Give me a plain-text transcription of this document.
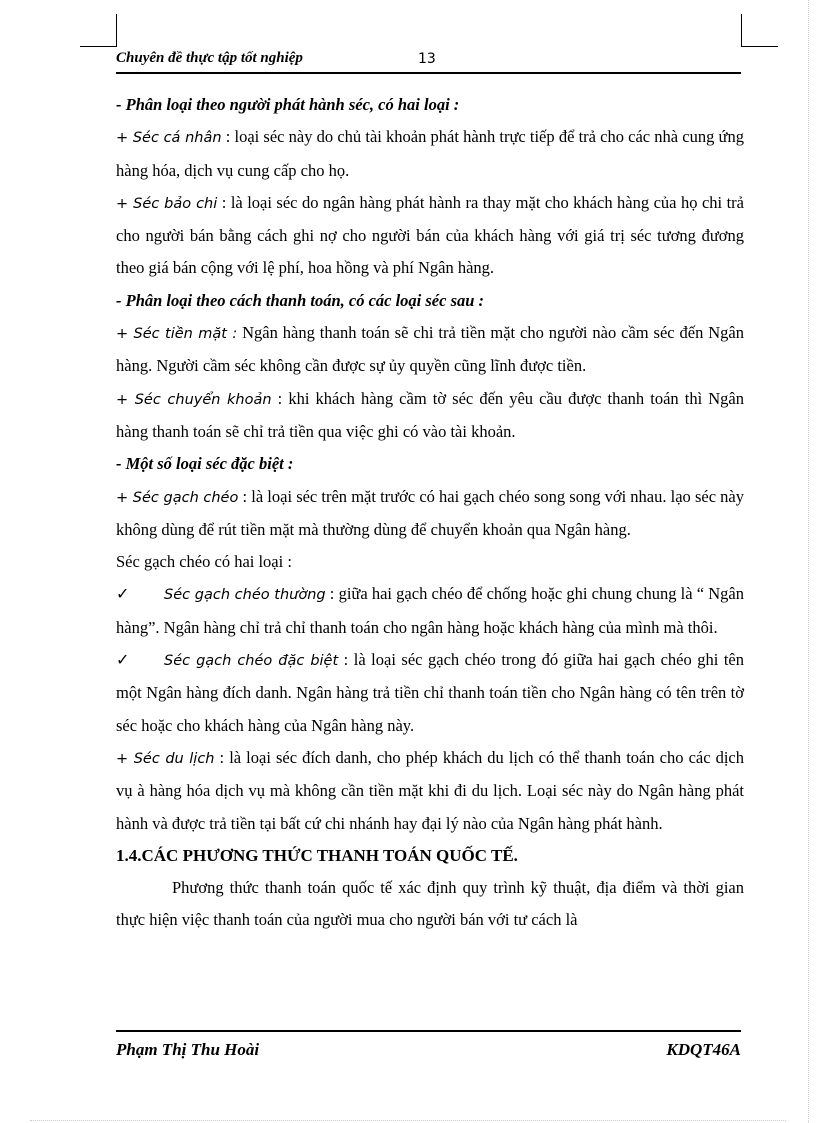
Chuyên đề thực tập tốt nghiệp	13

- Phân loại theo người phát hành séc, có hai loại :

+ Séc cá nhân : loại séc này do chủ tài khoản phát hành trực tiếp để trả cho các nhà cung ứng hàng hóa, dịch vụ cung cấp cho họ.

+ Séc bảo chi : là loại séc do ngân hàng phát hành ra thay mặt cho khách hàng của họ chi trả cho người bán bằng cách ghi nợ cho người bán của khách hàng với giá trị séc tương đương theo giá bán cộng với lệ phí, hoa hồng và phí Ngân hàng.

- Phân loại theo cách thanh toán, có các loại séc sau :

+ Séc tiền mặt : Ngân hàng thanh toán sẽ chi trả tiền mặt cho người nào cầm séc đến Ngân hàng. Người cầm séc không cần được sự ủy quyền cũng lĩnh được tiền.

+ Séc chuyển khoản : khi khách hàng cầm tờ séc đến yêu cầu được thanh toán thì Ngân hàng thanh toán sẽ chỉ trả tiền qua việc ghi có vào tài khoản.

- Một số loại séc đặc biệt :

+ Séc gạch chéo : là loại séc trên mặt trước có hai gạch chéo song song với nhau. lạo séc này không dùng để rút tiền mặt mà thường dùng để chuyển khoản qua Ngân hàng.

Séc gạch chéo có hai loại :

✓ Séc gạch chéo thường : giữa hai gạch chéo để chống hoặc ghi chung chung là “ Ngân hàng”. Ngân hàng chỉ trả chỉ thanh toán cho ngân hàng hoặc khách hàng của mình mà thôi.

✓ Séc gạch chéo đặc biệt : là loại séc gạch chéo trong đó giữa hai gạch chéo ghi tên một Ngân hàng đích danh. Ngân hàng trả tiền chỉ thanh toán tiền cho Ngân hàng có tên trên tờ séc hoặc cho khách hàng của Ngân hàng này.

+ Séc du lịch : là loại séc đích danh, cho phép khách du lịch có thể thanh toán cho các dịch vụ à hàng hóa dịch vụ mà không cần tiền mặt khi đi du lịch. Loại séc này do Ngân hàng phát hành và được trả tiền tại bất cứ chi nhánh hay đại lý nào của Ngân hàng phát hành.

1.4.CÁC PHƯƠNG THỨC THANH TOÁN QUỐC TẾ.

Phương thức thanh toán quốc tế xác định quy trình kỹ thuật, địa điểm và thời gian thực hiện việc thanh toán của người mua cho người bán với tư cách là

Phạm Thị Thu Hoài	KDQT46A
